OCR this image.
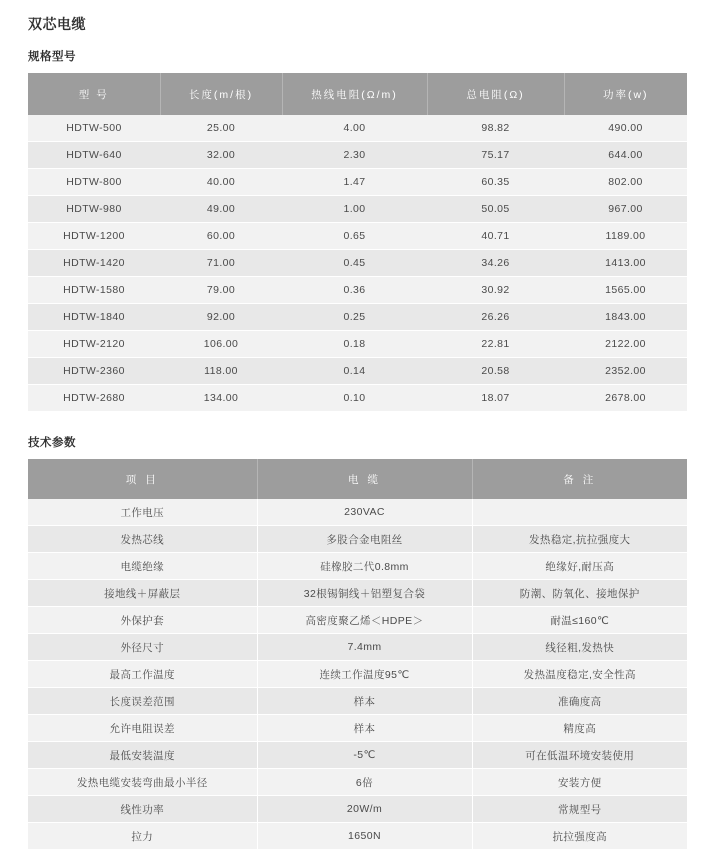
双芯电缆
规格型号
型 号	长度(m/根)	热线电阻(Ω/m)	总电阻(Ω)	功率(w)
HDTW-500	25.00	4.00	98.82	490.00
HDTW-640	32.00	2.30	75.17	644.00
HDTW-800	40.00	1.47	60.35	802.00
HDTW-980	49.00	1.00	50.05	967.00
HDTW-1200	60.00	0.65	40.71	1189.00
HDTW-1420	71.00	0.45	34.26	1413.00
HDTW-1580	79.00	0.36	30.92	1565.00
HDTW-1840	92.00	0.25	26.26	1843.00
HDTW-2120	106.00	0.18	22.81	2122.00
HDTW-2360	118.00	0.14	20.58	2352.00
HDTW-2680	134.00	0.10	18.07	2678.00
技术参数
项 目	电 缆	备 注
工作电压	230VAC	
发热芯线	多股合金电阻丝	发热稳定,抗拉强度大
电缆绝缘	硅橡胶二代0.8mm	绝缘好,耐压高
接地线＋屏蔽层	32根锡铜线＋铝塑复合袋	防潮、防氧化、接地保护
外保护套	高密度聚乙烯＜HDPE＞	耐温≤160℃
外径尺寸	7.4mm	线径粗,发热快
最高工作温度	连续工作温度95℃	发热温度稳定,安全性高
长度误差范围	样本	准确度高
允许电阻误差	样本	精度高
最低安装温度	-5℃	可在低温环境安装使用
发热电缆安装弯曲最小半径	6倍	安装方便
线性功率	20W/m	常规型号
拉力	1650N	抗拉强度高
